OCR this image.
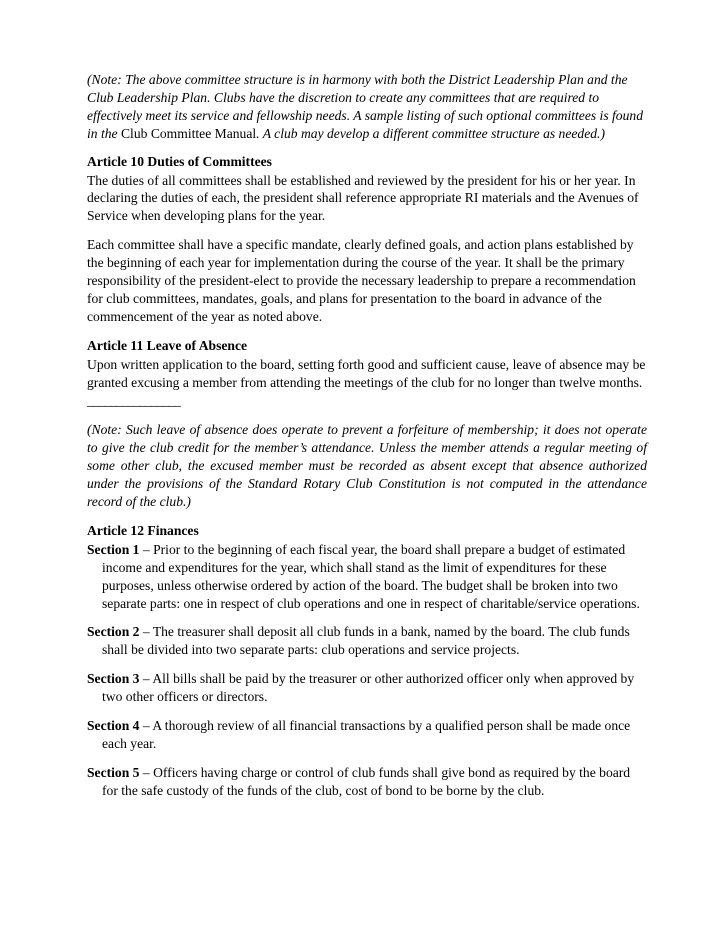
(Note: The above committee structure is in harmony with both the District Leadership Plan and the Club Leadership Plan. Clubs have the discretion to create any committees that are required to effectively meet its service and fellowship needs. A sample listing of such optional committees is found in the Club Committee Manual. A club may develop a different committee structure as needed.)

Article 10 Duties of Committees

The duties of all committees shall be established and reviewed by the president for his or her year. In declaring the duties of each, the president shall reference appropriate RI materials and the Avenues of Service when developing plans for the year.

Each committee shall have a specific mandate, clearly defined goals, and action plans established by the beginning of each year for implementation during the course of the year. It shall be the primary responsibility of the president-elect to provide the necessary leadership to prepare a recommendation for club committees, mandates, goals, and plans for presentation to the board in advance of the commencement of the year as noted above.

Article 11 Leave of Absence

Upon written application to the board, setting forth good and sufficient cause, leave of absence may be granted excusing a member from attending the meetings of the club for no longer than twelve months.

________________

(Note: Such leave of absence does operate to prevent a forfeiture of membership; it does not operate to give the club credit for the member’s attendance. Unless the member attends a regular meeting of some other club, the excused member must be recorded as absent except that absence authorized under the provisions of the Standard Rotary Club Constitution is not computed in the attendance record of the club.)

Article 12 Finances

Section 1 – Prior to the beginning of each fiscal year, the board shall prepare a budget of estimated income and expenditures for the year, which shall stand as the limit of expenditures for these purposes, unless otherwise ordered by action of the board. The budget shall be broken into two separate parts: one in respect of club operations and one in respect of charitable/service operations.

Section 2 – The treasurer shall deposit all club funds in a bank, named by the board. The club funds shall be divided into two separate parts: club operations and service projects.

Section 3 – All bills shall be paid by the treasurer or other authorized officer only when approved by two other officers or directors.

Section 4 – A thorough review of all financial transactions by a qualified person shall be made once each year.

Section 5 – Officers having charge or control of club funds shall give bond as required by the board for the safe custody of the funds of the club, cost of bond to be borne by the club.
